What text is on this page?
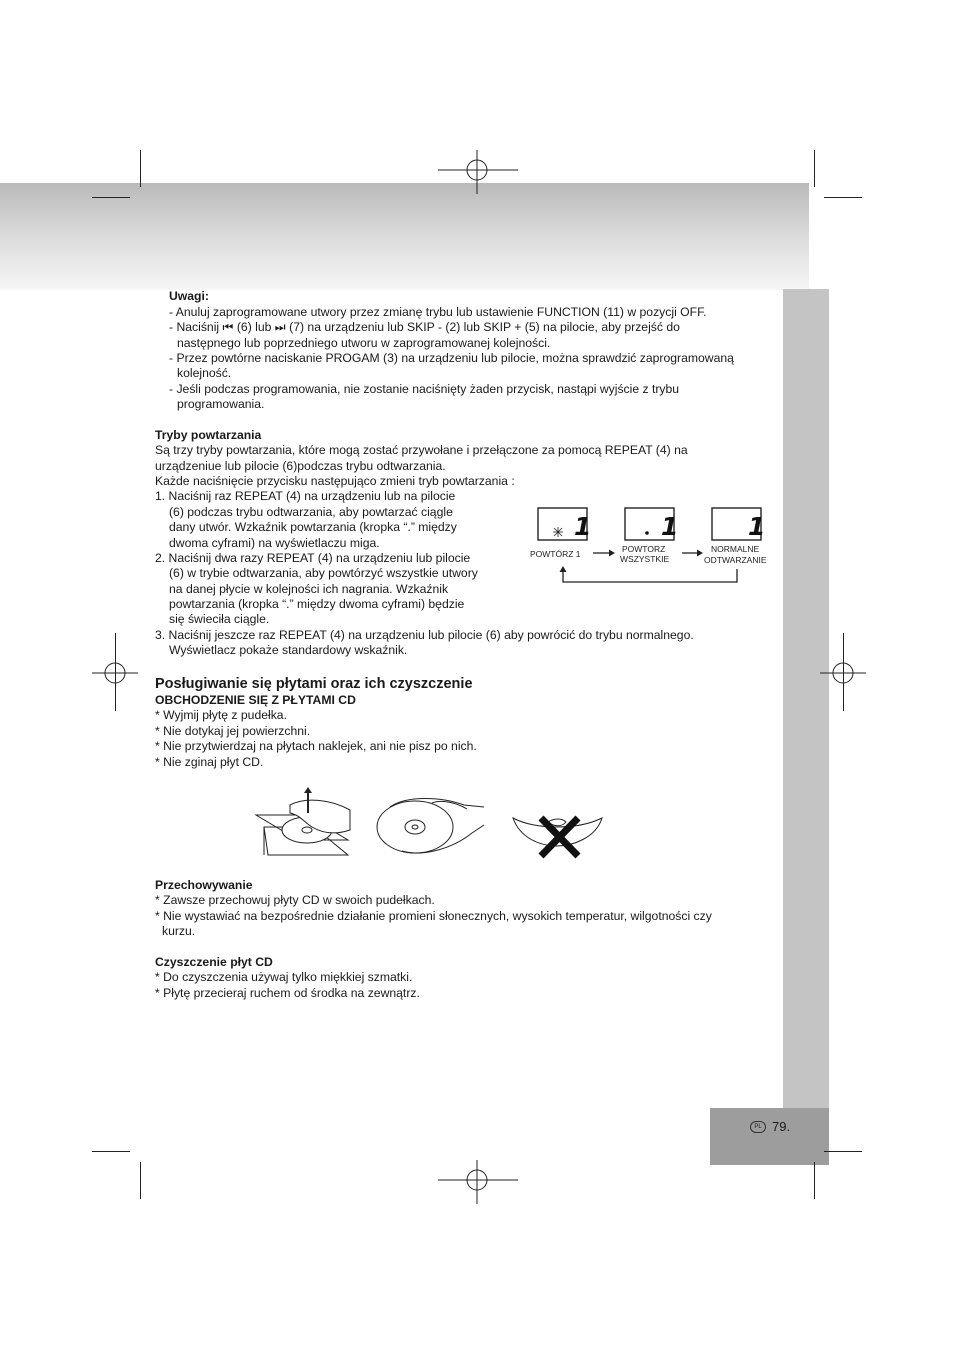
PL 79.
Uwagi:
- Anuluj zaprogramowane utwory przez zmianę trybu lub ustawienie FUNCTION (11) w pozycji OFF.
- Naciśnij ⏮ (6) lub ⏭ (7) na urządzeniu lub SKIP - (2) lub SKIP + (5) na pilocie, aby przejść do
następnego lub poprzedniego utworu w zaprogramowanej kolejności.
- Przez powtórne naciskanie PROGAM (3) na urządzeniu lub pilocie, można sprawdzić zaprogramowaną
kolejność.
- Jeśli podczas programowania, nie zostanie naciśnięty żaden przycisk, nastąpi wyjście z trybu
programowania.
Tryby powtarzania
Są trzy tryby powtarzania, które mogą zostać przywołane i przełączone za pomocą REPEAT (4) na
urządzeniue lub pilocie (6)podczas trybu odtwarzania.
Każde naciśnięcie przycisku następująco zmieni tryb powtarzania :
1. Naciśnij raz REPEAT (4) na urządzeniu lub na pilocie
(6) podczas trybu odtwarzania, aby powtarzać ciągle
dany utwór. Wzkaźnik powtarzania (kropka “.” między
dwoma cyframi) na wyświetlaczu miga.
2. Naciśnij dwa razy REPEAT (4) na urządzeniu lub pilocie
(6) w trybie odtwarzania, aby powtórzyć wszystkie utwory
na danej płycie w kolejności ich nagrania. Wzkaźnik
powtarzania (kropka “.” między dwoma cyframi) będzie
się świeciła ciągle.
3. Naciśnij jeszcze raz REPEAT (4) na urządzeniu lub pilocie (6) aby powrócić do trybu normalnego.
Wyświetlacz pokaże standardowy wskaźnik.
1	1	1
POWTÓRZ 1	POWTORZ
WSZYSTKIE
NORMALNE
ODTWARZANIE
Posługiwanie się płytami oraz ich czyszczenie
OBCHODZENIE SIĘ Z PŁYTAMI CD
* Wyjmij płytę z pudełka.
* Nie dotykaj jej powierzchni.
* Nie przytwierdzaj na płytach naklejek, ani nie pisz po nich.
* Nie zginaj płyt CD.
Przechowywanie
* Zawsze przechowuj płyty CD w swoich pudełkach.
* Nie wystawiać na bezpośrednie działanie promieni słonecznych, wysokich temperatur, wilgotności czy
kurzu.
Czyszczenie płyt CD
* Do czyszczenia używaj tylko miękkiej szmatki.
* Płytę przecieraj ruchem od środka na zewnątrz.
